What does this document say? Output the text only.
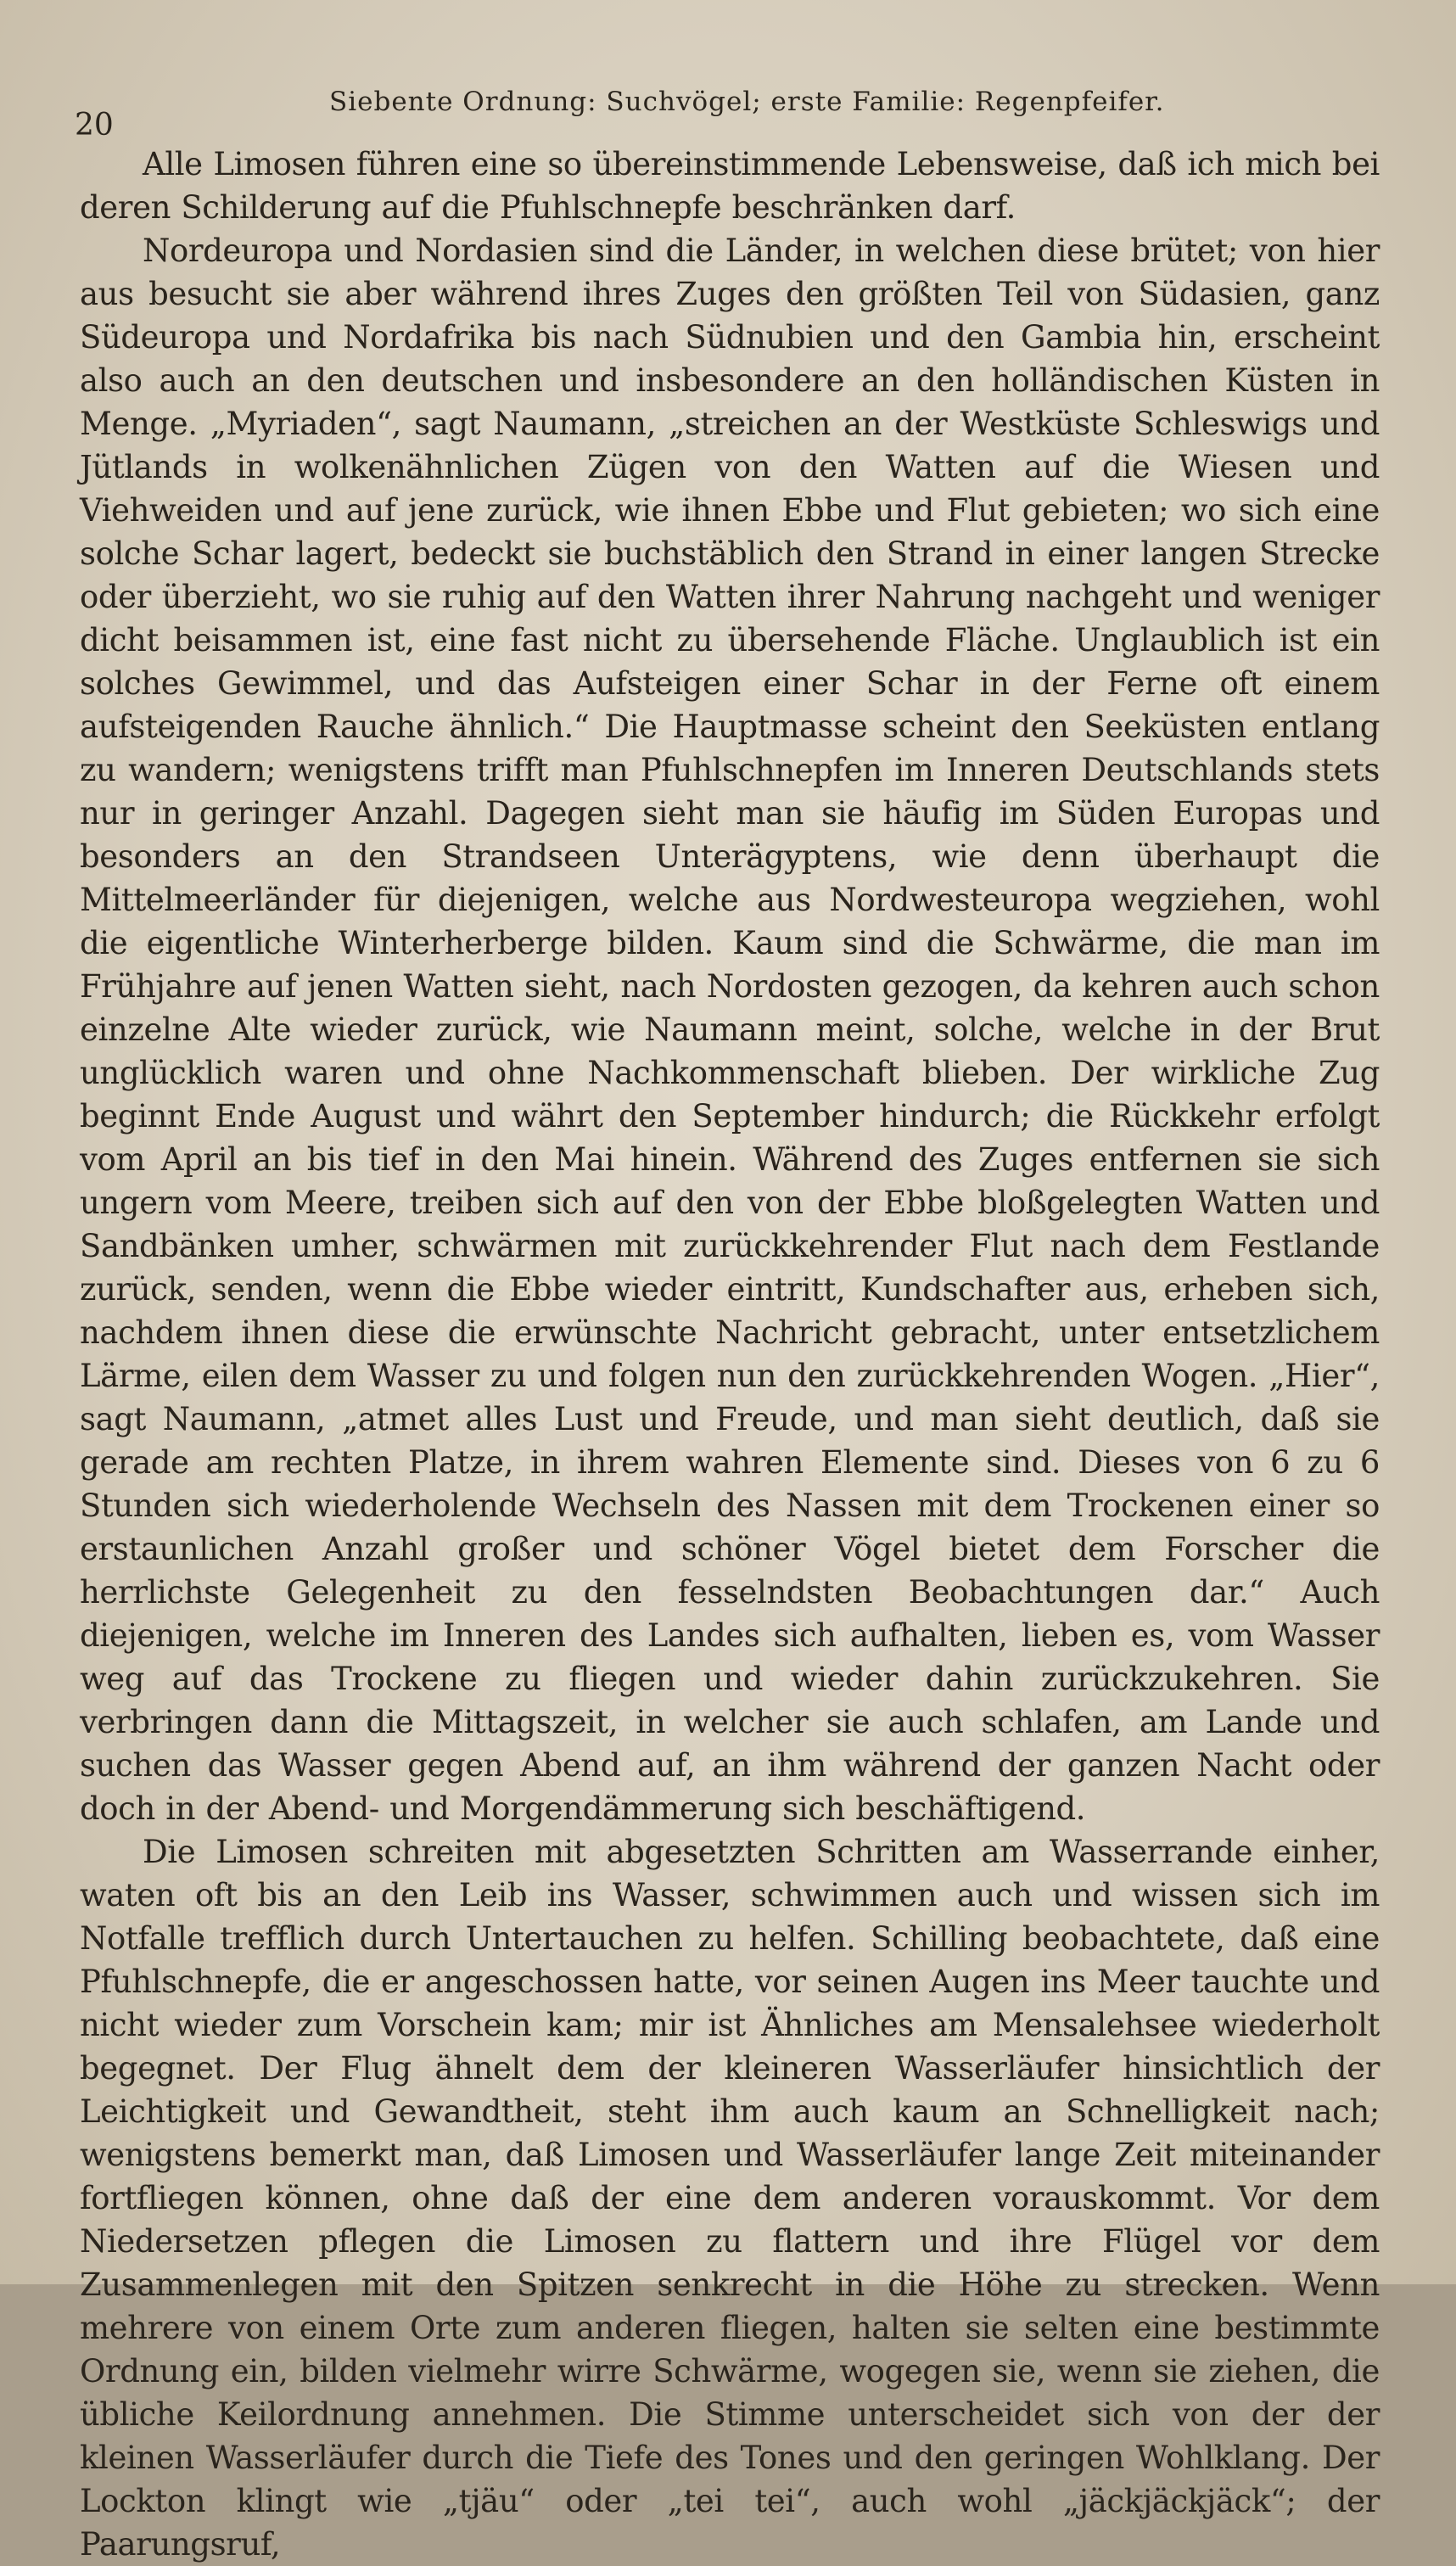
20

Siebente Ordnung: Suchvögel; erste Familie: Regenpfeifer.

Alle Limosen führen eine so übereinstimmende Lebensweise, daß ich mich bei deren Schilderung auf die Pfuhlschnepfe beschränken darf.

Nordeuropa und Nordasien sind die Länder, in welchen diese brütet; von hier aus besucht sie aber während ihres Zuges den größten Teil von Südasien, ganz Südeuropa und Nordafrika bis nach Südnubien und den Gambia hin, erscheint also auch an den deutschen und insbesondere an den holländischen Küsten in Menge. „Myriaden“, sagt Naumann, „streichen an der Westküste Schleswigs und Jütlands in wolkenähnlichen Zügen von den Watten auf die Wiesen und Viehweiden und auf jene zurück, wie ihnen Ebbe und Flut gebieten; wo sich eine solche Schar lagert, bedeckt sie buchstäblich den Strand in einer langen Strecke oder überzieht, wo sie ruhig auf den Watten ihrer Nahrung nachgeht und weniger dicht beisammen ist, eine fast nicht zu übersehende Fläche. Unglaublich ist ein solches Gewimmel, und das Aufsteigen einer Schar in der Ferne oft einem aufsteigenden Rauche ähnlich.“ Die Hauptmasse scheint den Seeküsten entlang zu wandern; wenigstens trifft man Pfuhlschnepfen im Inneren Deutschlands stets nur in geringer Anzahl. Dagegen sieht man sie häufig im Süden Europas und besonders an den Strandseen Unterägyptens, wie denn überhaupt die Mittelmeerländer für diejenigen, welche aus Nordwesteuropa wegziehen, wohl die eigentliche Winterherberge bilden. Kaum sind die Schwärme, die man im Frühjahre auf jenen Watten sieht, nach Nordosten gezogen, da kehren auch schon einzelne Alte wieder zurück, wie Naumann meint, solche, welche in der Brut unglücklich waren und ohne Nachkommenschaft blieben. Der wirkliche Zug beginnt Ende August und währt den September hindurch; die Rückkehr erfolgt vom April an bis tief in den Mai hinein. Während des Zuges entfernen sie sich ungern vom Meere, treiben sich auf den von der Ebbe bloßgelegten Watten und Sandbänken umher, schwärmen mit zurückkehrender Flut nach dem Festlande zurück, senden, wenn die Ebbe wieder eintritt, Kundschafter aus, erheben sich, nachdem ihnen diese die erwünschte Nachricht gebracht, unter entsetzlichem Lärme, eilen dem Wasser zu und folgen nun den zurückkehrenden Wogen. „Hier“, sagt Naumann, „atmet alles Lust und Freude, und man sieht deutlich, daß sie gerade am rechten Platze, in ihrem wahren Elemente sind. Dieses von 6 zu 6 Stunden sich wiederholende Wechseln des Nassen mit dem Trockenen einer so erstaunlichen Anzahl großer und schöner Vögel bietet dem Forscher die herrlichste Gelegenheit zu den fesselndsten Beobachtungen dar.“ Auch diejenigen, welche im Inneren des Landes sich aufhalten, lieben es, vom Wasser weg auf das Trockene zu fliegen und wieder dahin zurückzukehren. Sie verbringen dann die Mittagszeit, in welcher sie auch schlafen, am Lande und suchen das Wasser gegen Abend auf, an ihm während der ganzen Nacht oder doch in der Abend- und Morgendämmerung sich beschäftigend.

Die Limosen schreiten mit abgesetzten Schritten am Wasserrande einher, waten oft bis an den Leib ins Wasser, schwimmen auch und wissen sich im Notfalle trefflich durch Untertauchen zu helfen. Schilling beobachtete, daß eine Pfuhlschnepfe, die er angeschossen hatte, vor seinen Augen ins Meer tauchte und nicht wieder zum Vorschein kam; mir ist Ähnliches am Mensalehsee wiederholt begegnet. Der Flug ähnelt dem der kleineren Wasserläufer hinsichtlich der Leichtigkeit und Gewandtheit, steht ihm auch kaum an Schnelligkeit nach; wenigstens bemerkt man, daß Limosen und Wasserläufer lange Zeit miteinander fortfliegen können, ohne daß der eine dem anderen vorauskommt. Vor dem Niedersetzen pflegen die Limosen zu flattern und ihre Flügel vor dem Zusammenlegen mit den Spitzen senkrecht in die Höhe zu strecken. Wenn mehrere von einem Orte zum anderen fliegen, halten sie selten eine bestimmte Ordnung ein, bilden vielmehr wirre Schwärme, wogegen sie, wenn sie ziehen, die übliche Keilordnung annehmen. Die Stimme unterscheidet sich von der der kleinen Wasserläufer durch die Tiefe des Tones und den geringen Wohlklang. Der Lockton klingt wie „tjäu“ oder „tei tei“, auch wohl „jäckjäckjäck“; der Paarungsruf,
